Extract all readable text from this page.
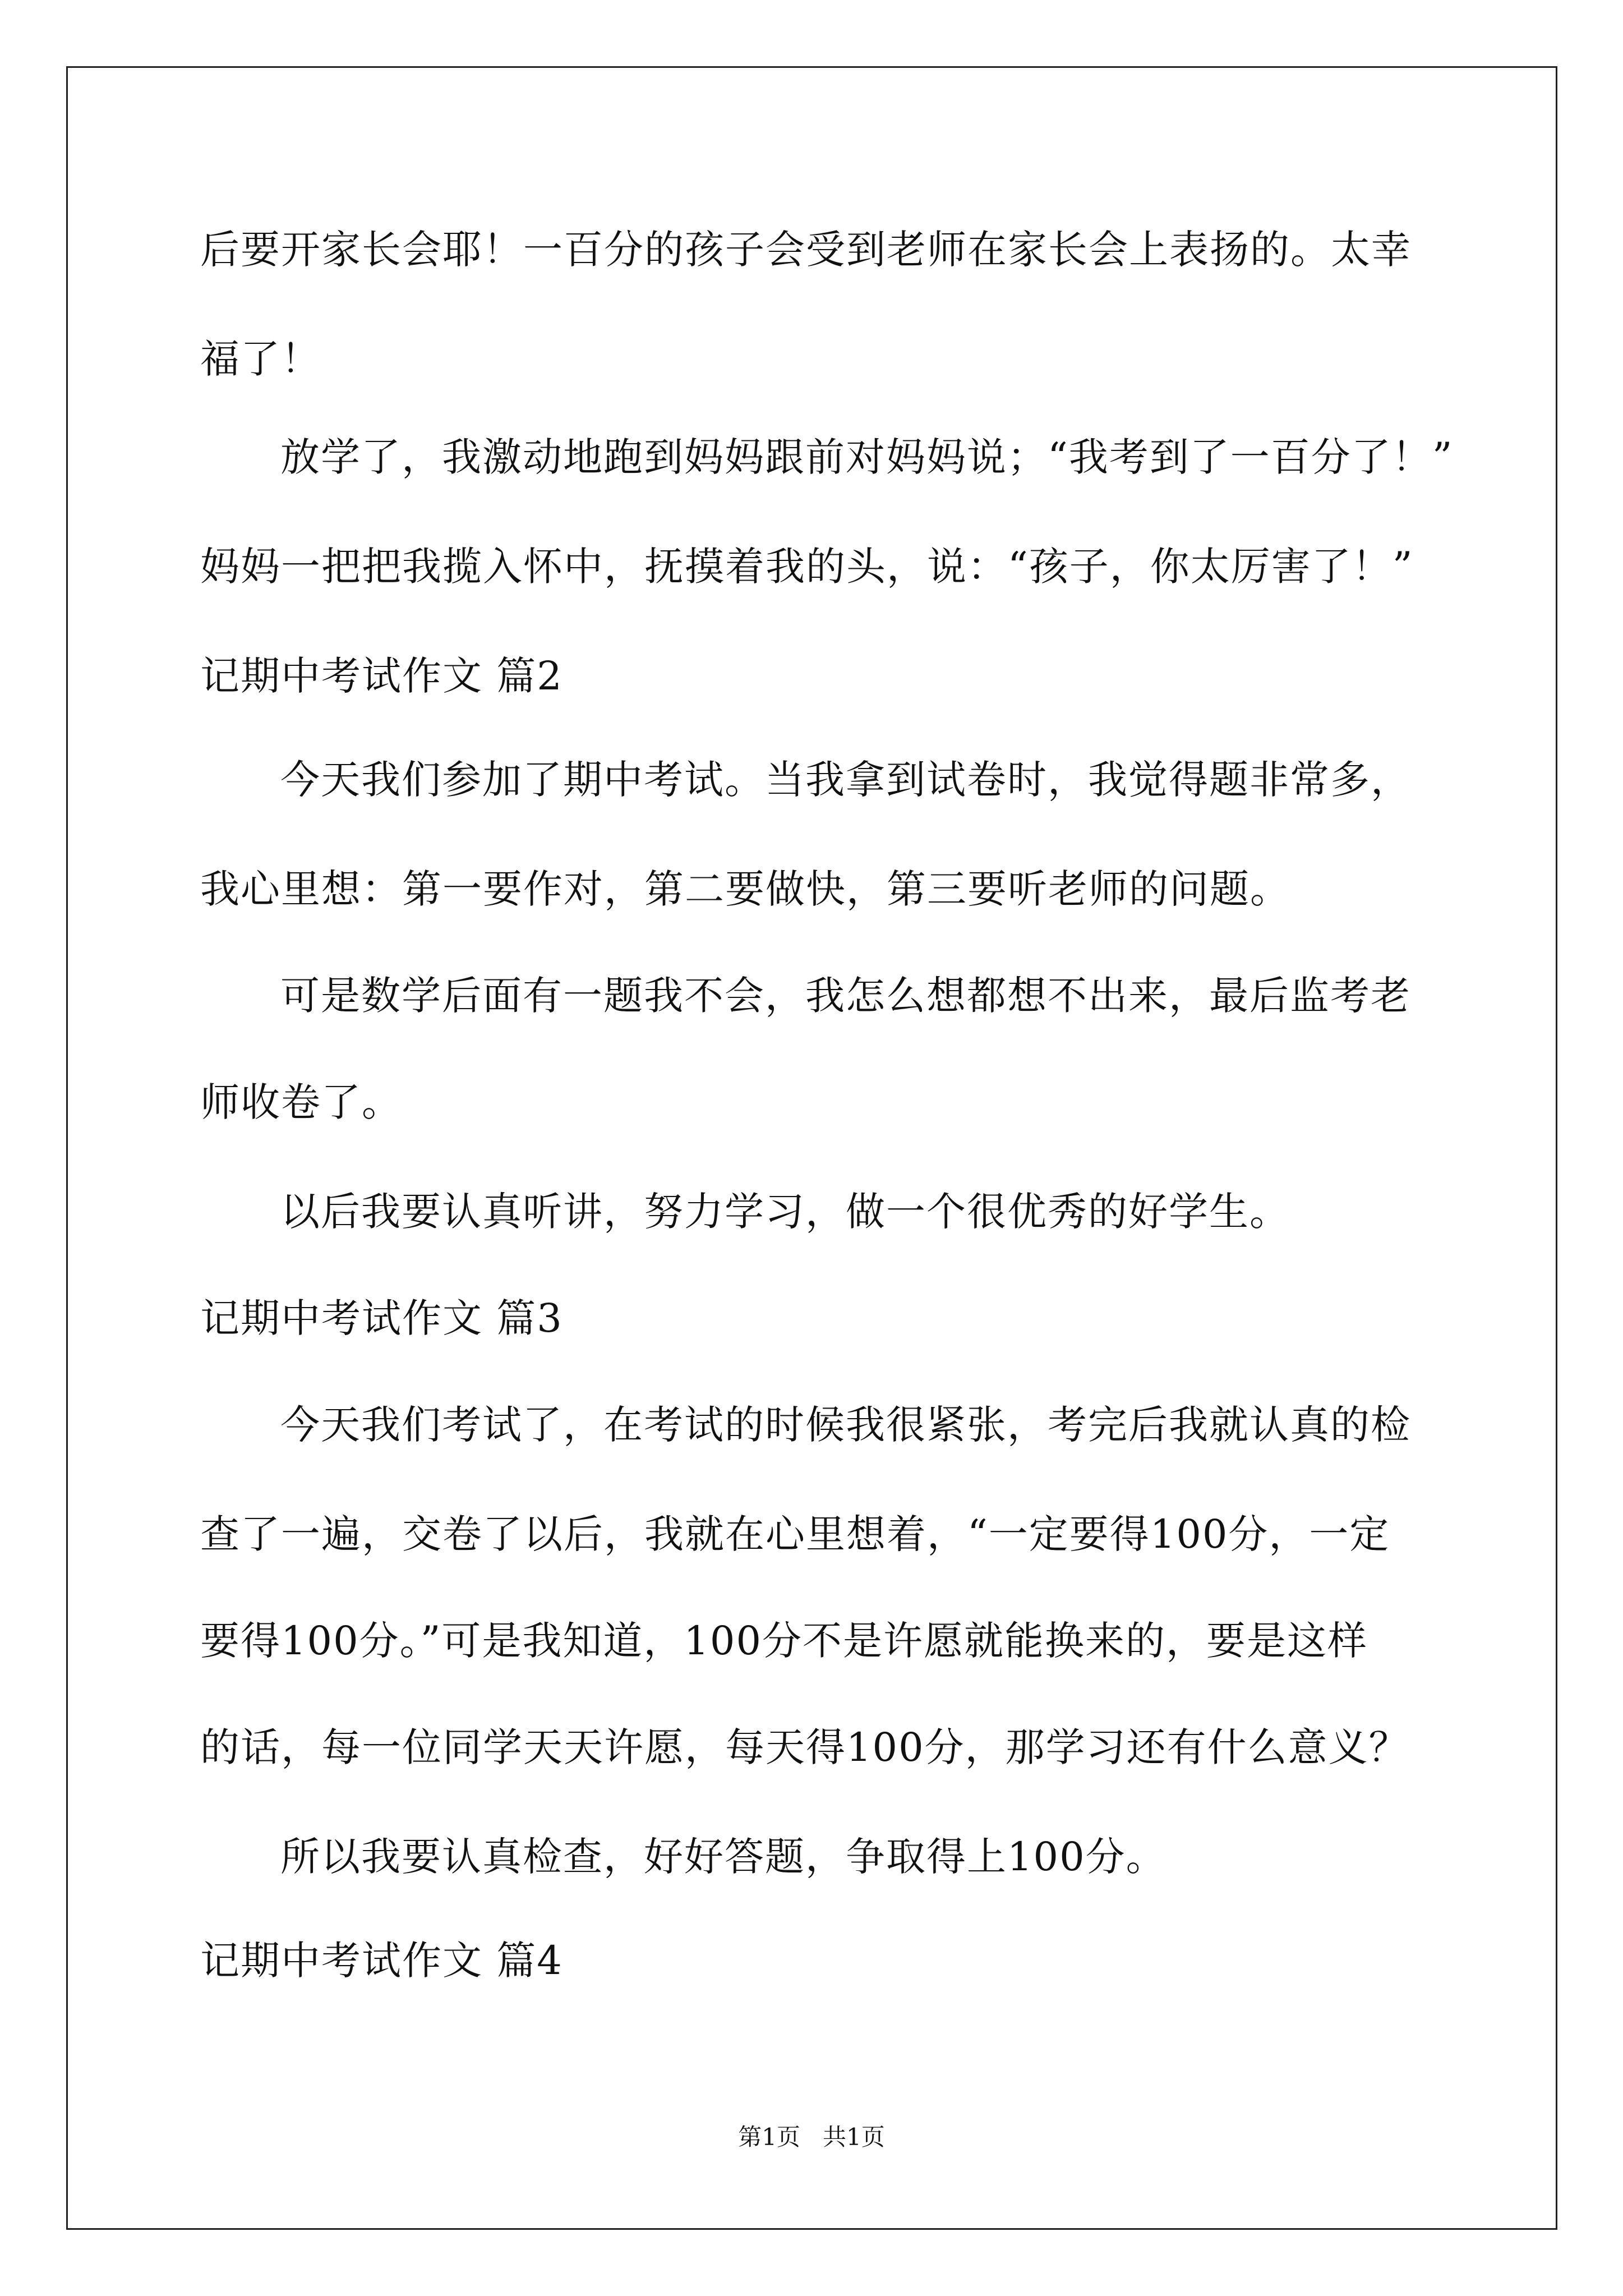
后要开家长会耶！一百分的孩子会受到老师在家长会上表扬的。太幸
福了！
放学了，我激动地跑到妈妈跟前对妈妈说；“我考到了一百分了！”
妈妈一把把我揽入怀中，抚摸着我的头，说：“孩子，你太厉害了！”
记期中考试作文 篇2
今天我们参加了期中考试。当我拿到试卷时，我觉得题非常多，
我心里想：第一要作对，第二要做快，第三要听老师的问题。
可是数学后面有一题我不会，我怎么想都想不出来，最后监考老
师收卷了。
以后我要认真听讲，努力学习，做一个很优秀的好学生。
记期中考试作文 篇3
今天我们考试了，在考试的时候我很紧张，考完后我就认真的检
查了一遍，交卷了以后，我就在心里想着，“一定要得100分，一定
要得100分。”可是我知道，100分不是许愿就能换来的，要是这样
的话，每一位同学天天许愿，每天得100分，那学习还有什么意义？
所以我要认真检查，好好答题，争取得上100分。
记期中考试作文 篇4
第1页   共1页
